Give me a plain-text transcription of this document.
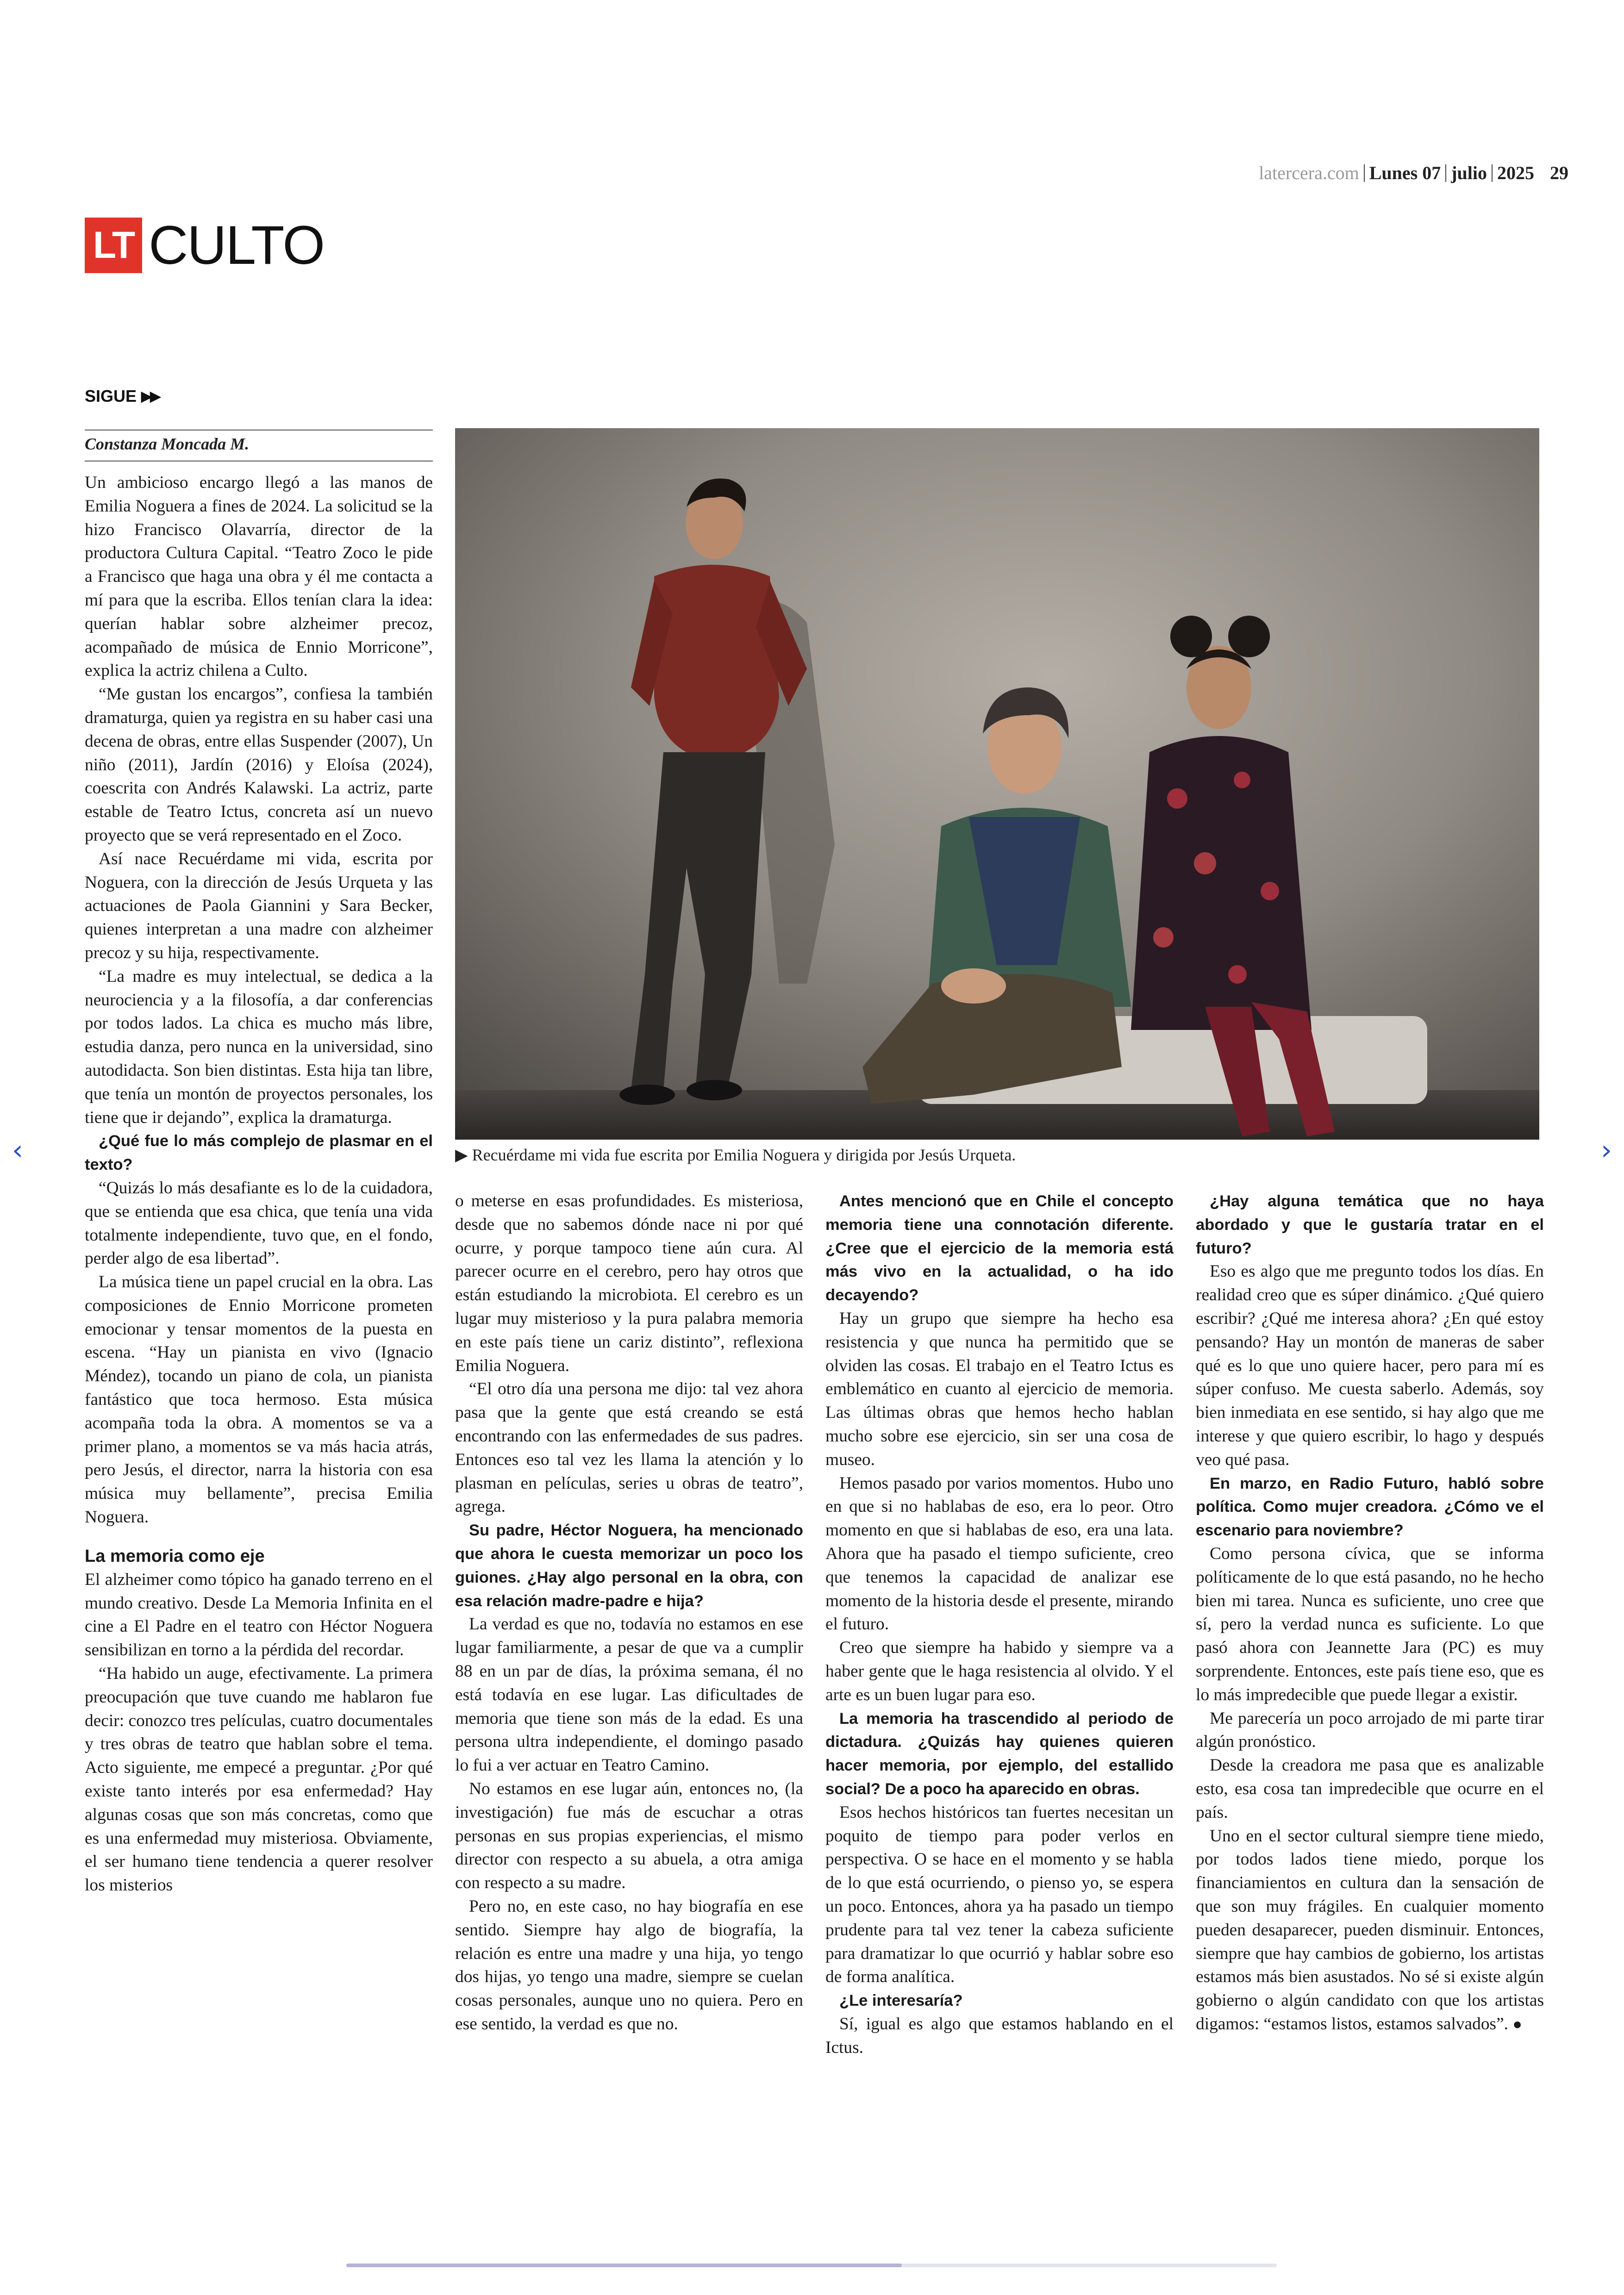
latercera.com Lunes 07 julio 2025 29
LT CULTO
SIGUE ▶▶
‹	›
Constanza Moncada M.
▶ Recuérdame mi vida fue escrita por Emilia Noguera y dirigida por Jesús Urqueta.

Un ambicioso encargo llegó a las manos de Emilia Noguera a fines de 2024. La solicitud se la hizo Francisco Olavarría, director de la productora Cultura Capital. “Teatro Zoco le pide a Francisco que haga una obra y él me contacta a mí para que la escriba. Ellos tenían clara la idea: querían hablar sobre alzheimer precoz, acompañado de música de Ennio Morricone”, explica la actriz chilena a Culto.

“Me gustan los encargos”, confiesa la también dramaturga, quien ya registra en su haber casi una decena de obras, entre ellas Suspender (2007), Un niño (2011), Jardín (2016) y Eloísa (2024), coescrita con Andrés Kalawski. La actriz, parte estable de Teatro Ictus, concreta así un nuevo proyecto que se verá representado en el Zoco.

Así nace Recuérdame mi vida, escrita por Noguera, con la dirección de Jesús Urqueta y las actuaciones de Paola Giannini y Sara Becker, quienes interpretan a una madre con alzheimer precoz y su hija, respectivamente.

“La madre es muy intelectual, se dedica a la neurociencia y a la filosofía, a dar conferencias por todos lados. La chica es mucho más libre, estudia danza, pero nunca en la universidad, sino autodidacta. Son bien distintas. Esta hija tan libre, que tenía un montón de proyectos personales, los tiene que ir dejando”, explica la dramaturga.

¿Qué fue lo más complejo de plasmar en el texto?

“Quizás lo más desafiante es lo de la cuidadora, que se entienda que esa chica, que tenía una vida totalmente independiente, tuvo que, en el fondo, perder algo de esa libertad”.

La música tiene un papel crucial en la obra. Las composiciones de Ennio Morricone prometen emocionar y tensar momentos de la puesta en escena. “Hay un pianista en vivo (Ignacio Méndez), tocando un piano de cola, un pianista fantástico que toca hermoso. Esta música acompaña toda la obra. A momentos se va a primer plano, a momentos se va más hacia atrás, pero Jesús, el director, narra la historia con esa música muy bellamente”, precisa Emilia Noguera.

La memoria como eje

El alzheimer como tópico ha ganado terreno en el mundo creativo. Desde La Memoria Infinita en el cine a El Padre en el teatro con Héctor Noguera sensibilizan en torno a la pérdida del recordar.

“Ha habido un auge, efectivamente. La primera preocupación que tuve cuando me hablaron fue decir: conozco tres películas, cuatro documentales y tres obras de teatro que hablan sobre el tema. Acto siguiente, me empecé a preguntar. ¿Por qué existe tanto interés por esa enfermedad? Hay algunas cosas que son más concretas, como que es una enfermedad muy misteriosa. Obviamente, el ser humano tiene tendencia a querer resolver los misterios

o meterse en esas profundidades. Es misteriosa, desde que no sabemos dónde nace ni por qué ocurre, y porque tampoco tiene aún cura. Al parecer ocurre en el cerebro, pero hay otros que están estudiando la microbiota. El cerebro es un lugar muy misterioso y la pura palabra memoria en este país tiene un cariz distinto”, reflexiona Emilia Noguera.

“El otro día una persona me dijo: tal vez ahora pasa que la gente que está creando se está encontrando con las enfermedades de sus padres. Entonces eso tal vez les llama la atención y lo plasman en películas, series u obras de teatro”, agrega.

Su padre, Héctor Noguera, ha mencionado que ahora le cuesta memorizar un poco los guiones. ¿Hay algo personal en la obra, con esa relación madre-padre e hija?

La verdad es que no, todavía no estamos en ese lugar familiarmente, a pesar de que va a cumplir 88 en un par de días, la próxima semana, él no está todavía en ese lugar. Las dificultades de memoria que tiene son más de la edad. Es una persona ultra independiente, el domingo pasado lo fui a ver actuar en Teatro Camino.

No estamos en ese lugar aún, entonces no, (la investigación) fue más de escuchar a otras personas en sus propias experiencias, el mismo director con respecto a su abuela, a otra amiga con respecto a su madre.

Pero no, en este caso, no hay biografía en ese sentido. Siempre hay algo de biografía, la relación es entre una madre y una hija, yo tengo dos hijas, yo tengo una madre, siempre se cuelan cosas personales, aunque uno no quiera. Pero en ese sentido, la verdad es que no.

Antes mencionó que en Chile el concepto memoria tiene una connotación diferente. ¿Cree que el ejercicio de la memoria está más vivo en la actualidad, o ha ido decayendo?

Hay un grupo que siempre ha hecho esa resistencia y que nunca ha permitido que se olviden las cosas. El trabajo en el Teatro Ictus es emblemático en cuanto al ejercicio de memoria. Las últimas obras que hemos hecho hablan mucho sobre ese ejercicio, sin ser una cosa de museo.

Hemos pasado por varios momentos. Hubo uno en que si no hablabas de eso, era lo peor. Otro momento en que si hablabas de eso, era una lata. Ahora que ha pasado el tiempo suficiente, creo que tenemos la capacidad de analizar ese momento de la historia desde el presente, mirando el futuro.

Creo que siempre ha habido y siempre va a haber gente que le haga resistencia al olvido. Y el arte es un buen lugar para eso.

La memoria ha trascendido al periodo de dictadura. ¿Quizás hay quienes quieren hacer memoria, por ejemplo, del estallido social? De a poco ha aparecido en obras.

Esos hechos históricos tan fuertes necesitan un poquito de tiempo para poder verlos en perspectiva. O se hace en el momento y se habla de lo que está ocurriendo, o pienso yo, se espera un poco. Entonces, ahora ya ha pasado un tiempo prudente para tal vez tener la cabeza suficiente para dramatizar lo que ocurrió y hablar sobre eso de forma analítica.

¿Le interesaría?

Sí, igual es algo que estamos hablando en el Ictus.

¿Hay alguna temática que no haya abordado y que le gustaría tratar en el futuro?

Eso es algo que me pregunto todos los días. En realidad creo que es súper dinámico. ¿Qué quiero escribir? ¿Qué me interesa ahora? ¿En qué estoy pensando? Hay un montón de maneras de saber qué es lo que uno quiere hacer, pero para mí es súper confuso. Me cuesta saberlo. Además, soy bien inmediata en ese sentido, si hay algo que me interese y que quiero escribir, lo hago y después veo qué pasa.

En marzo, en Radio Futuro, habló sobre política. Como mujer creadora. ¿Cómo ve el escenario para noviembre?

Como persona cívica, que se informa políticamente de lo que está pasando, no he hecho bien mi tarea. Nunca es suficiente, uno cree que sí, pero la verdad nunca es suficiente. Lo que pasó ahora con Jeannette Jara (PC) es muy sorprendente. Entonces, este país tiene eso, que es lo más impredecible que puede llegar a existir.

Me parecería un poco arrojado de mi parte tirar algún pronóstico.

Desde la creadora me pasa que es analizable esto, esa cosa tan impredecible que ocurre en el país.

Uno en el sector cultural siempre tiene miedo, por todos lados tiene miedo, porque los financiamientos en cultura dan la sensación de que son muy frágiles. En cualquier momento pueden desaparecer, pueden disminuir. Entonces, siempre que hay cambios de gobierno, los artistas estamos más bien asustados. No sé si existe algún gobierno o algún candidato con que los artistas digamos: “estamos listos, estamos salvados”. ●
